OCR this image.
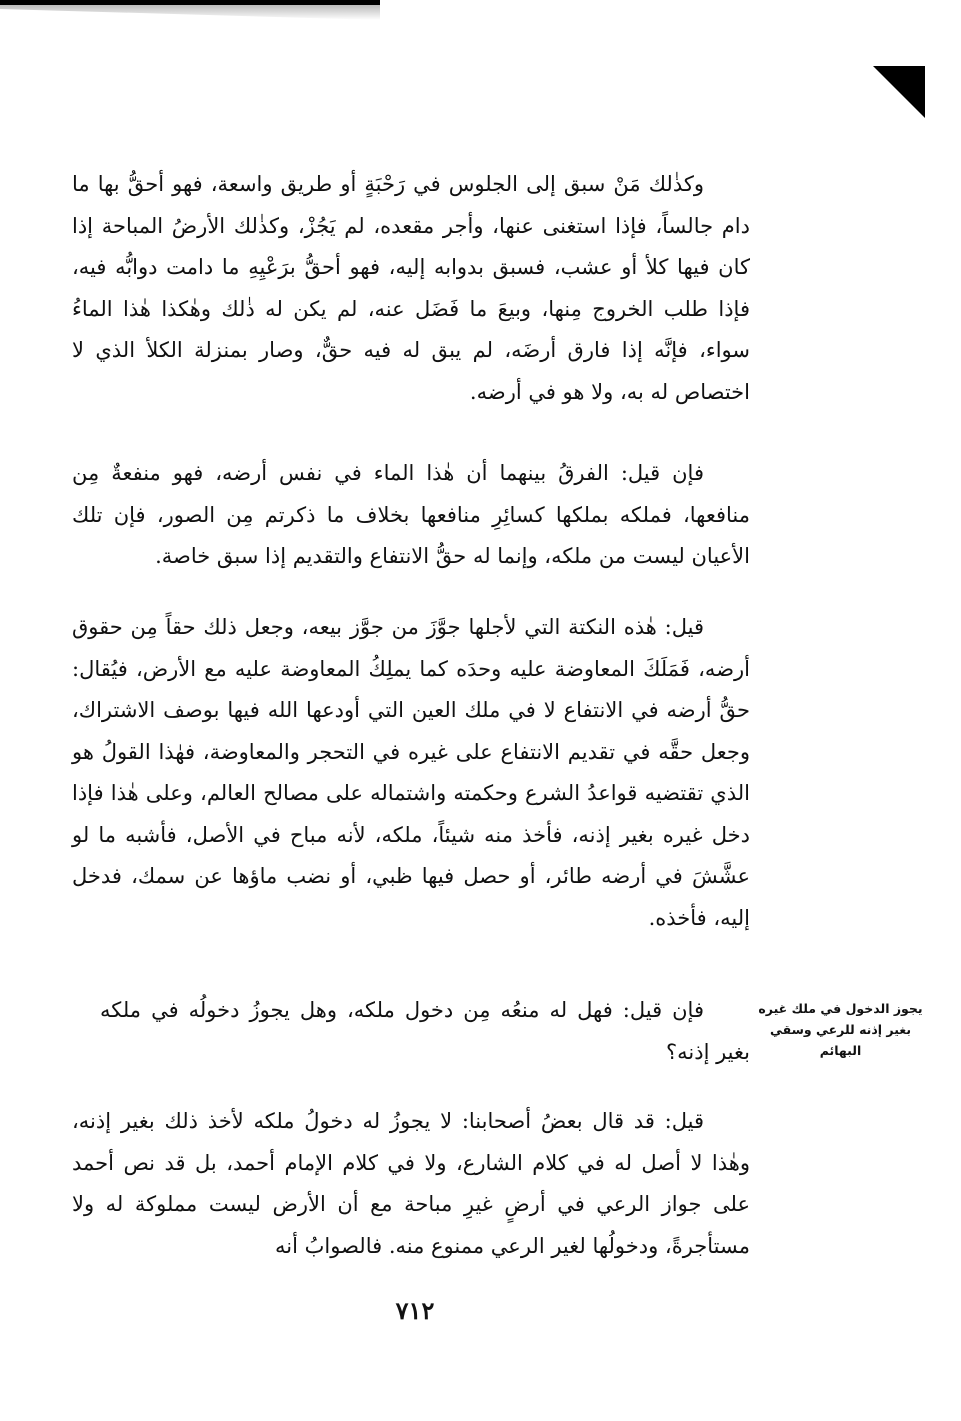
وكذٰلك مَنْ سبق إلى الجلوس في رَحْبَةٍ أو طريق واسعة، فهو أحقُّ بها ما دام جالساً، فإذا استغنى عنها، وأجر مقعده، لم يَجُزْ، وكذٰلك الأرضُ المباحة إذا كان فيها كلأ أو عشب، فسبق بدوابه إليه، فهو أحقُّ برَعْيِهِ ما دامت دوابُّه فيه، فإذا طلب الخروج مِنها، وبيعَ ما فَضَل عنه، لم يكن له ذٰلك وهٰكذا هٰذا الماءُ سواء، فإنَّه إذا فارق أرضَه، لم يبق له فيه حقٌّ، وصار بمنزلة الكلأ الذي لا اختصاص له به، ولا هو في أرضه.

فإن قيل: الفرقُ بينهما أن هٰذا الماء في نفس أرضه، فهو منفعةٌ مِن منافعها، فملكه بملكها كسائِرِ منافعها بخلاف ما ذكرتم مِن الصور، فإن تلك الأعيان ليست من ملكه، وإنما له حقُّ الانتفاع والتقديم إذا سبق خاصة.

قيل: هٰذه النكتة التي لأجلها جوَّزَ من جوَّز بيعه، وجعل ذلك حقاً مِن حقوق أرضه، فَمَلَكَ المعاوضة عليه وحدَه كما يملِكُ المعاوضة عليه مع الأرض، فيُقال: حقُّ أرضه في الانتفاع لا في ملك العين التي أودعها الله فيها بوصف الاشتراك، وجعل حقَّه في تقديم الانتفاع على غيره في التحجر والمعاوضة، فهٰذا القولُ هو الذي تقتضيه قواعدُ الشرع وحكمته واشتماله على مصالح العالم، وعلى هٰذا فإذا دخل غيره بغير إذنه، فأخذ منه شيئاً، ملكه، لأنه مباح في الأصل، فأشبه ما لو عشَّشَ في أرضه طائر، أو حصل فيها ظبي، أو نضب ماؤها عن سمك، فدخل إليه، فأخذه.

يجوز الدخول في ملك غيره بغير إذنه للرعي وسقي البهائم

فإن قيل: فهل له منعُه مِن دخول ملكه، وهل يجوزُ دخولُه في ملكه بغير إذنه؟

قيل: قد قال بعضُ أصحابنا: لا يجوزُ له دخولُ ملكه لأخذ ذلك بغير إذنه، وهٰذا لا أصل له في كلام الشارع، ولا في كلام الإمام أحمد، بل قد نص أحمد على جواز الرعي في أرضٍ غيرِ مباحة مع أن الأرض ليست مملوكة له ولا مستأجرةً، ودخولُها لغير الرعي ممنوع منه. فالصوابُ أنه

٧١٢
